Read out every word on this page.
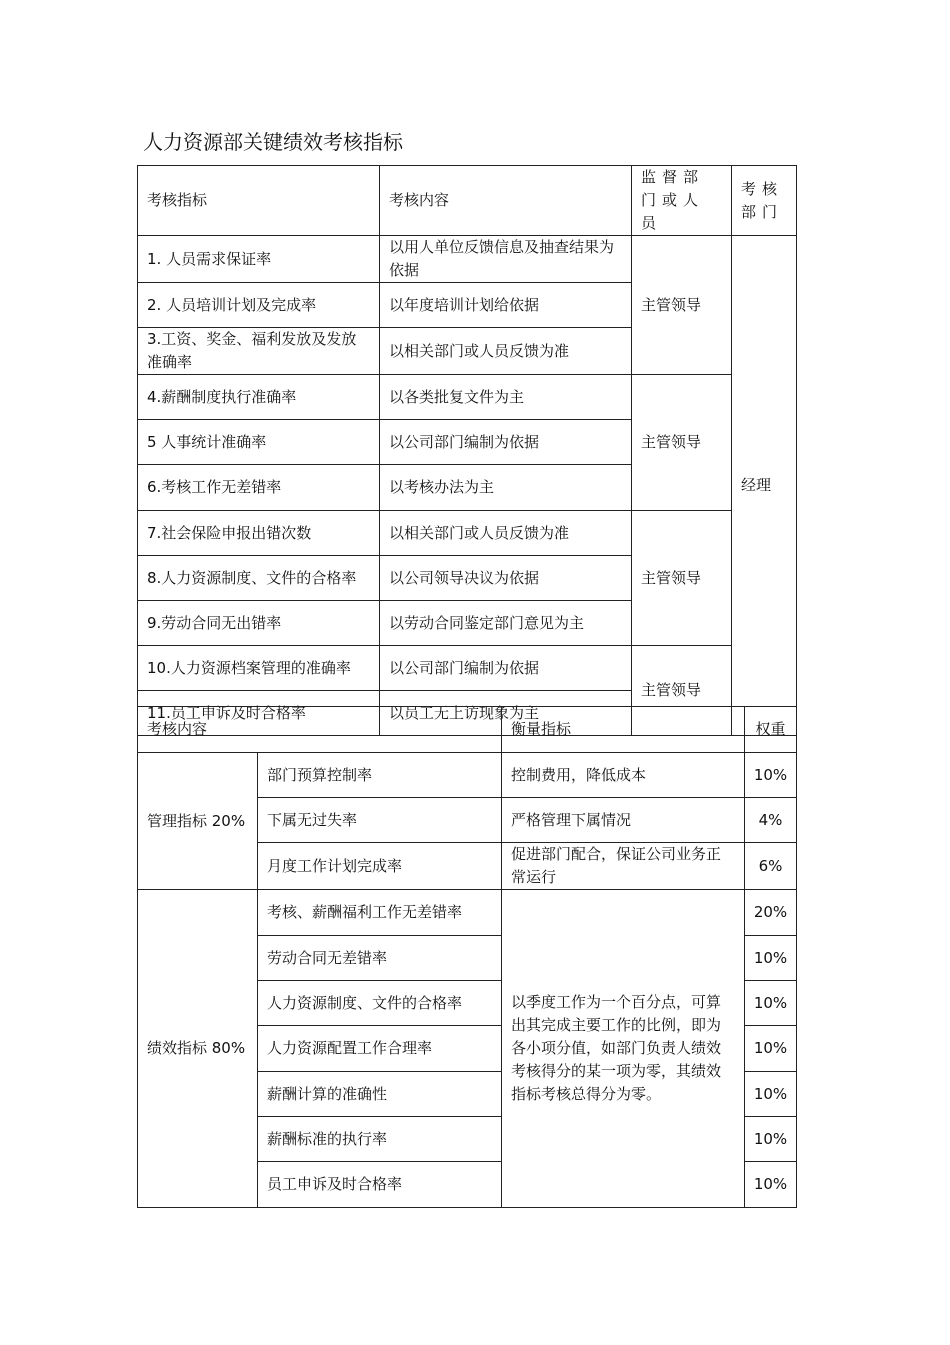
人力资源部关键绩效考核指标
考核指标	考核内容	监督部门或人员	考核部门
1. 人员需求保证率	以用人单位反馈信息及抽查结果为依据	主管领导	经理
2. 人员培训计划及完成率	以年度培训计划给依据		
3.工资、奖金、福利发放及发放准确率	以相关部门或人员反馈为准		
4.薪酬制度执行准确率	以各类批复文件为主	主管领导	
5 人事统计准确率	以公司部门编制为依据		
6.考核工作无差错率	以考核办法为主		
7.社会保险申报出错次数	以相关部门或人员反馈为准	主管领导	
8.人力资源制度、文件的合格率	以公司领导决议为依据		
9.劳动合同无出错率	以劳动合同鉴定部门意见为主		
10.人力资源档案管理的准确率	以公司部门编制为依据	主管领导	
11.员工申诉及时合格率	以员工无上访现象为主		
考核内容		衡量指标	权重
管理指标 20%	部门预算控制率	控制费用，降低成本	10%
	下属无过失率	严格管理下属情况	4%
	月度工作计划完成率	促进部门配合，保证公司业务正常运行	6%
绩效指标 80%	考核、薪酬福利工作无差错率	以季度工作为一个百分点，可算出其完成主要工作的比例，即为各小项分值，如部门负责人绩效考核得分的某一项为零，其绩效指标考核总得分为零。	20%
	劳动合同无差错率		10%
	人力资源制度、文件的合格率		10%
	人力资源配置工作合理率		10%
	薪酬计算的准确性		10%
	薪酬标准的执行率		10%
	员工申诉及时合格率		10%
